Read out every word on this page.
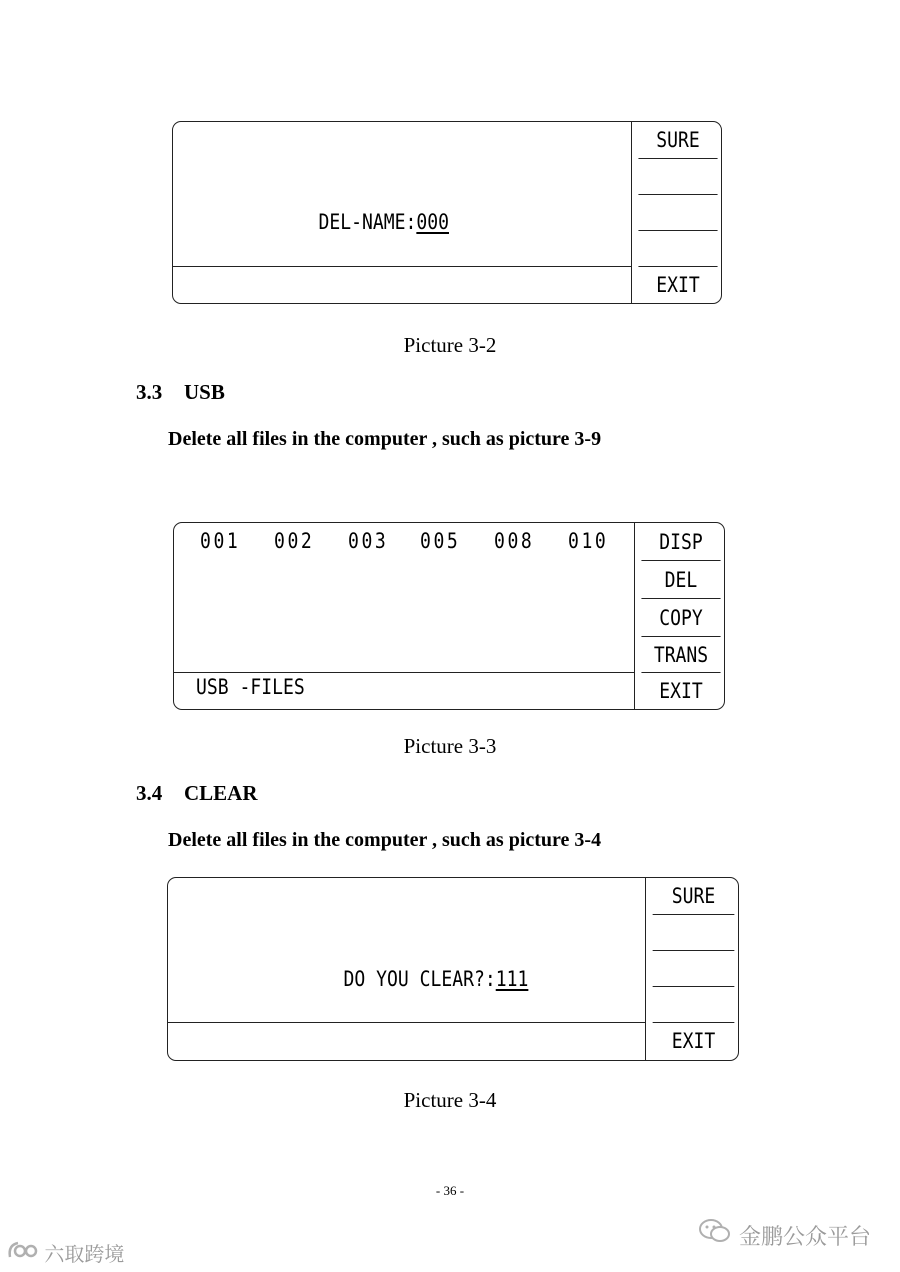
DEL-NAME:000

SURE
EXIT
Picture 3-2
3.3 USB
Delete all files in the computer , such as picture 3-9
001 002 003 005 008 010
USB -FILES
DISP
DEL
COPY
TRANS
EXIT
Picture 3-3
3.4 CLEAR
Delete all files in the computer , such as picture 3-4

DO YOU CLEAR?:111

SURE
EXIT
Picture 3-4
- 36 -
金鹏公众平台
六取跨境
